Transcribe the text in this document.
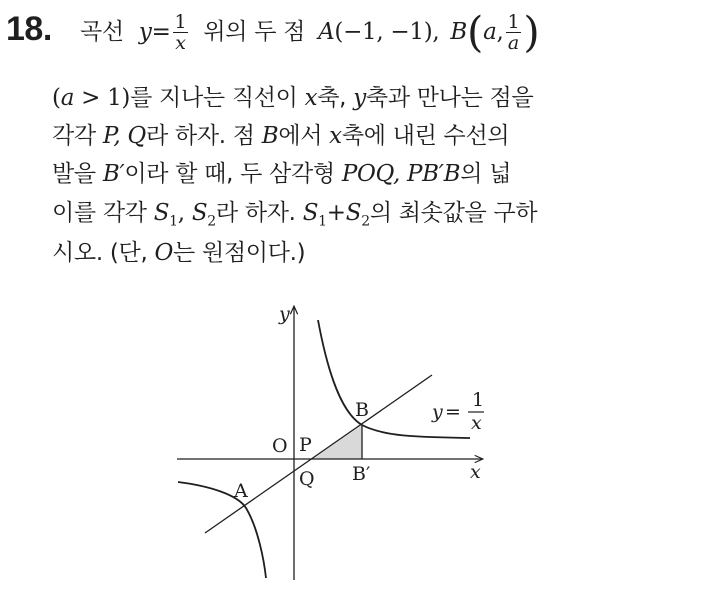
18. 곡선 $y= \frac{1}{x}$ 위의 두 점 A(−1, −1), B(a, $\frac{1}{a}$ )
(a > 1)를 지나는 직선이 x축, y축과 만나는 점을
각각 P, Q라 하자. 점 B에서 x축에 내린 수선의
발을 B′이라 할 때, 두 삼각형 POQ, PB′B의 넓
이를 각각 $S_1$, $S_2$라 하자. $S_1+S_2$의 최솟값을 구하
시오. (단, O는 원점이다.)
y
x
O P
Q
A
B
B′
y =
1
x
